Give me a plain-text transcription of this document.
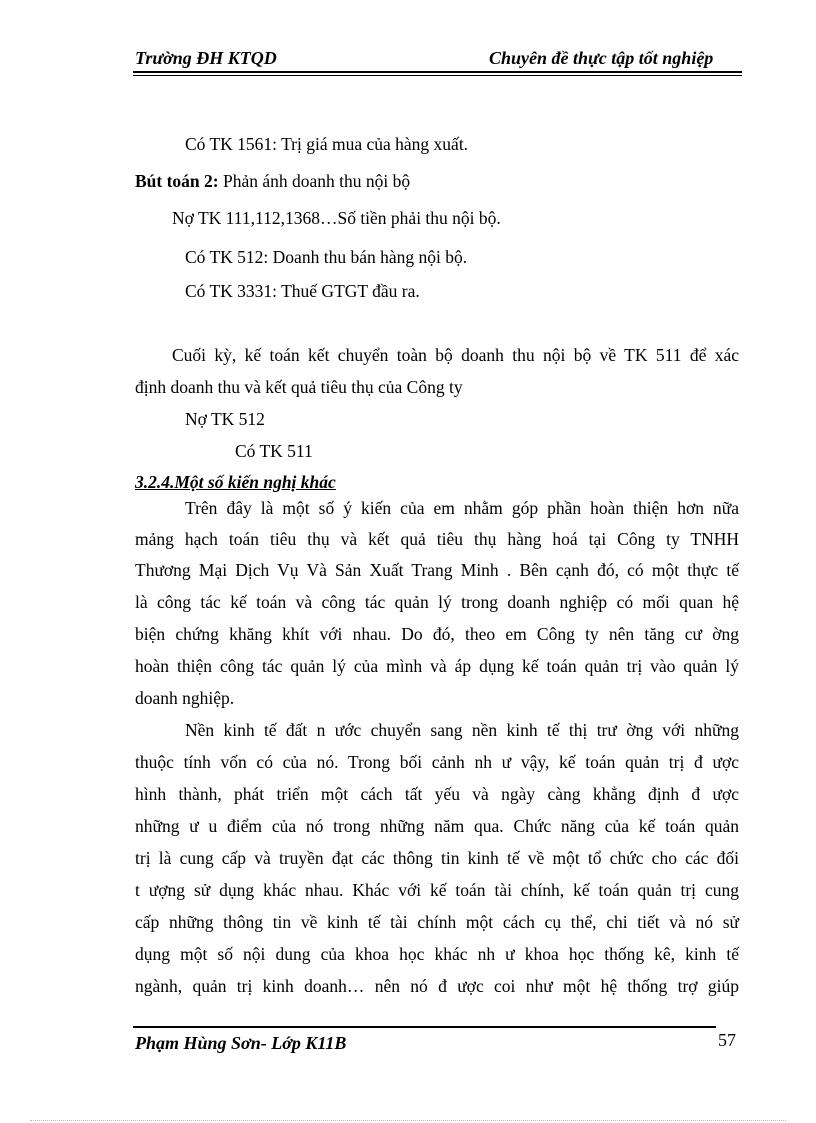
Trường ĐH KTQD	Chuyên đề thực tập tốt nghiệp
Có TK 1561: Trị giá mua của hàng xuất.
Bút toán 2: Phản ánh doanh thu nội bộ
Nợ TK 111,112,1368…Số tiền phải thu nội bộ.
Có TK 512: Doanh thu bán hàng nội bộ.
Có TK 3331: Thuế GTGT đầu ra.
Cuối kỳ, kế toán kết chuyển toàn bộ doanh thu nội bộ về TK 511 để xác
định doanh thu và kết quả tiêu thụ của Công ty
Nợ TK 512
Có TK 511
3.2.4.Một số kiến nghị khác
Trên đây là một số ý kiến của em nhằm góp phần hoàn thiện hơn nữa
mảng hạch toán tiêu thụ và kết quả tiêu thụ hàng hoá tại Công ty TNHH
Thương Mại Dịch Vụ Và Sản Xuất Trang Minh . Bên cạnh đó, có một thực tế
là công tác kế toán và công tác quản lý trong doanh nghiệp có mối quan hệ
biện chứng khăng khít với nhau. Do đó, theo em Công ty nên tăng cư ờng
hoàn thiện công tác quản lý của mình và áp dụng kế toán quản trị vào quản lý
doanh nghiệp.
Nền kinh tế đất n ước chuyển sang nền kinh tế thị trư ờng với những
thuộc tính vốn có của nó. Trong bối cảnh nh ư vậy, kế toán quản trị đ ược
hình thành, phát triển một cách tất yếu và ngày càng khẳng định đ ược
những ư u điểm của nó trong những năm qua. Chức năng của kế toán quản
trị là cung cấp và truyền đạt các thông tin kinh tế về một tổ chức cho các đối
t ượng sử dụng khác nhau. Khác với kế toán tài chính, kế toán quản trị cung
cấp những thông tin về kinh tế tài chính một cách cụ thể, chi tiết và nó sử
dụng một số nội dung của khoa học khác nh ư khoa học thống kê, kinh tế
ngành, quản trị kinh doanh… nên nó đ ược coi như một hệ thống trợ giúp
Phạm Hùng Sơn- Lớp K11B	57
